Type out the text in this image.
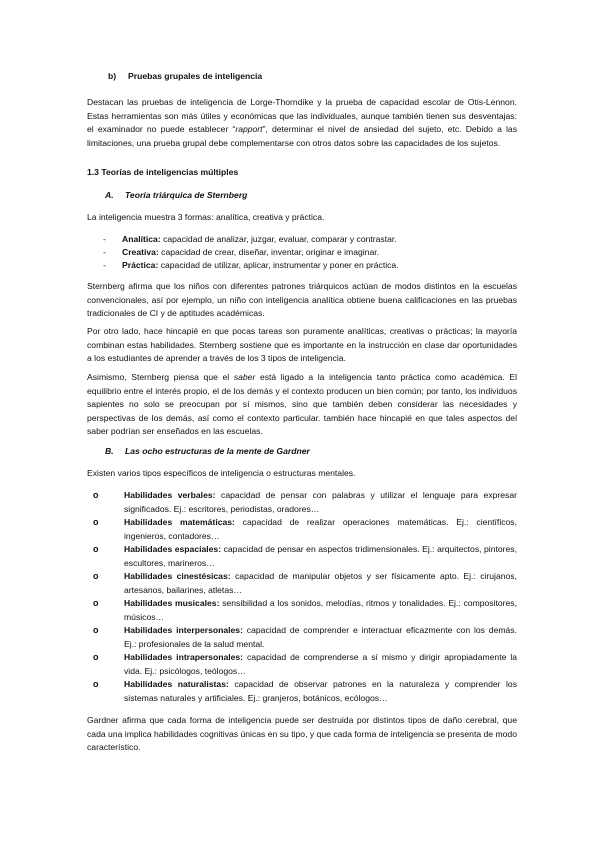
b) Pruebas grupales de inteligencia

Destacan las pruebas de inteligencia de Lorge-Thorndike y la prueba de capacidad escolar de Otis-Lennon. Estas herramientas son más útiles y económicas que las individuales, aunque también tienen sus desventajas: el examinador no puede establecer “rapport”, determinar el nivel de ansiedad del sujeto, etc. Debido a las limitaciones, una prueba grupal debe complementarse con otros datos sobre las capacidades de los sujetos.

1.3 Teorías de inteligencias múltiples
A. Teoría triárquica de Sternberg
La inteligencia muestra 3 formas: analítica, creativa y práctica.
- Analítica: capacidad de analizar, juzgar, evaluar, comparar y contrastar.
- Creativa: capacidad de crear, diseñar, inventar, originar e imaginar.
- Práctica: capacidad de utilizar, aplicar, instrumentar y poner en práctica.

Sternberg afirma que los niños con diferentes patrones triárquicos actúan de modos distintos en la escuelas convencionales, así por ejemplo, un niño con inteligencia analítica obtiene buena calificaciones en las pruebas tradicionales de CI y de aptitudes académicas.

Por otro lado, hace hincapié en que pocas tareas son puramente analíticas, creativas o prácticas; la mayoría combinan estas habilidades. Sternberg sostiene que es importante en la instrucción en clase dar oportunidades a los estudiantes de aprender a través de los 3 tipos de inteligencia.

Asimismo, Sternberg piensa que el saber está ligado a la inteligencia tanto práctica como académica. El equilibrio entre el interés propio, el de los demás y el contexto producen un bien común; por tanto, los individuos sapientes no solo se preocupan por sí mismos, sino que también deben considerar las necesidades y perspectivas de los demás, así como el contexto particular. también hace hincapié en que tales aspectos del saber podrían ser enseñados en las escuelas.

B. Las ocho estructuras de la mente de Gardner
Existen varios tipos específicos de inteligencia o estructuras mentales.
o	Habilidades verbales: capacidad de pensar con palabras y utilizar el lenguaje para expresar significados. Ej.: escritores, periodistas, oradores…
o	Habilidades matemáticas: capacidad de realizar operaciones matemáticas. Ej.: científicos, ingenieros, contadores…
o	Habilidades espaciales: capacidad de pensar en aspectos tridimensionales. Ej.: arquitectos, pintores, escultores, marineros…
o	Habilidades cinestésicas: capacidad de manipular objetos y ser físicamente apto. Ej.: cirujanos, artesanos, bailarines, atletas…
o	Habilidades musicales: sensibilidad a los sonidos, melodías, ritmos y tonalidades. Ej.: compositores, músicos…
o	Habilidades interpersonales: capacidad de comprender e interactuar eficazmente con los demás. Ej.: profesionales de la salud mental.
o	Habilidades intrapersonales: capacidad de comprenderse a sí mismo y dirigir apropiadamente la vida. Ej.: psicólogos, teólogos…
o	Habilidades naturalistas: capacidad de observar patrones en la naturaleza y comprender los sistemas naturales y artificiales. Ej.: granjeros, botánicos, ecólogos…

Gardner afirma que cada forma de inteligencia puede ser destruida por distintos tipos de daño cerebral, que cada una implica habilidades cognitivas únicas en su tipo, y que cada forma de inteligencia se presenta de modo característico.
